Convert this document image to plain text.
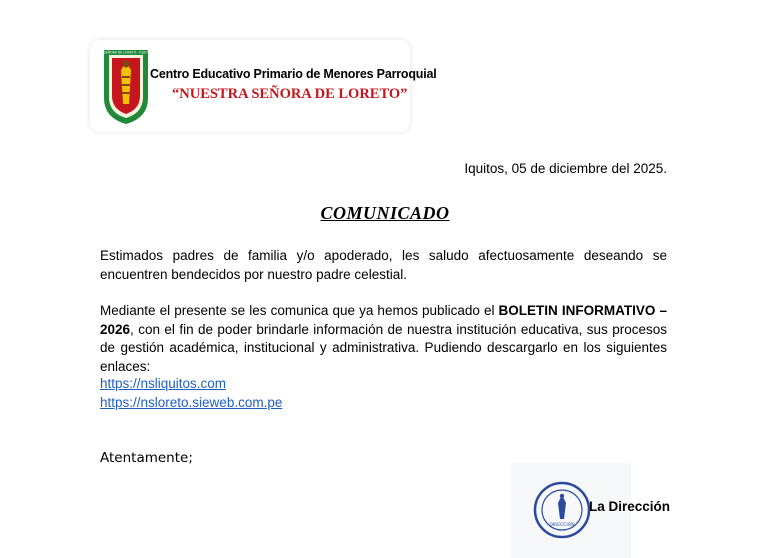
NUESTRA SEÑORA DE LORETO - IQUITOS - PERU
Centro Educativo Primario de Menores Parroquial
“NUESTRA SEÑORA DE LORETO”
Iquitos, 05 de diciembre del 2025.
COMUNICADO

Estimados padres de familia y/o apoderado, les saludo afectuosamente deseando se encuentren bendecidos por nuestro padre celestial.

Mediante el presente se les comunica que ya hemos publicado el BOLETIN INFORMATIVO – 2026, con el fin de poder brindarle información de nuestra institución educativa, sus procesos de gestión académica, institucional y administrativa. Pudiendo descargarlo en los siguientes enlaces:

https://nsliquitos.com
https://nsloreto.sieweb.com.pe
Atentamente;
DIRECCIÓN
La Dirección
